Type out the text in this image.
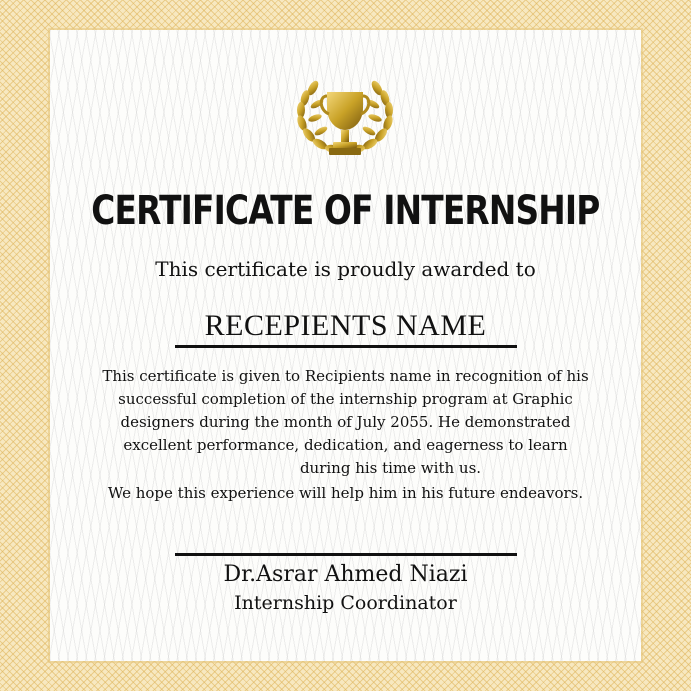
CERTIFICATE OF INTERNSHIP
This certificate is proudly awarded to
RECEPIENTS NAME
This certificate is given to Recipients name in recognition of his
successful completion of the internship program at Graphic
designers during the month of July 2055. He demonstrated
excellent performance, dedication, and eagerness to learn
during his time with us.
We hope this experience will help him in his future endeavors.
Dr.Asrar Ahmed Niazi
Internship Coordinator
